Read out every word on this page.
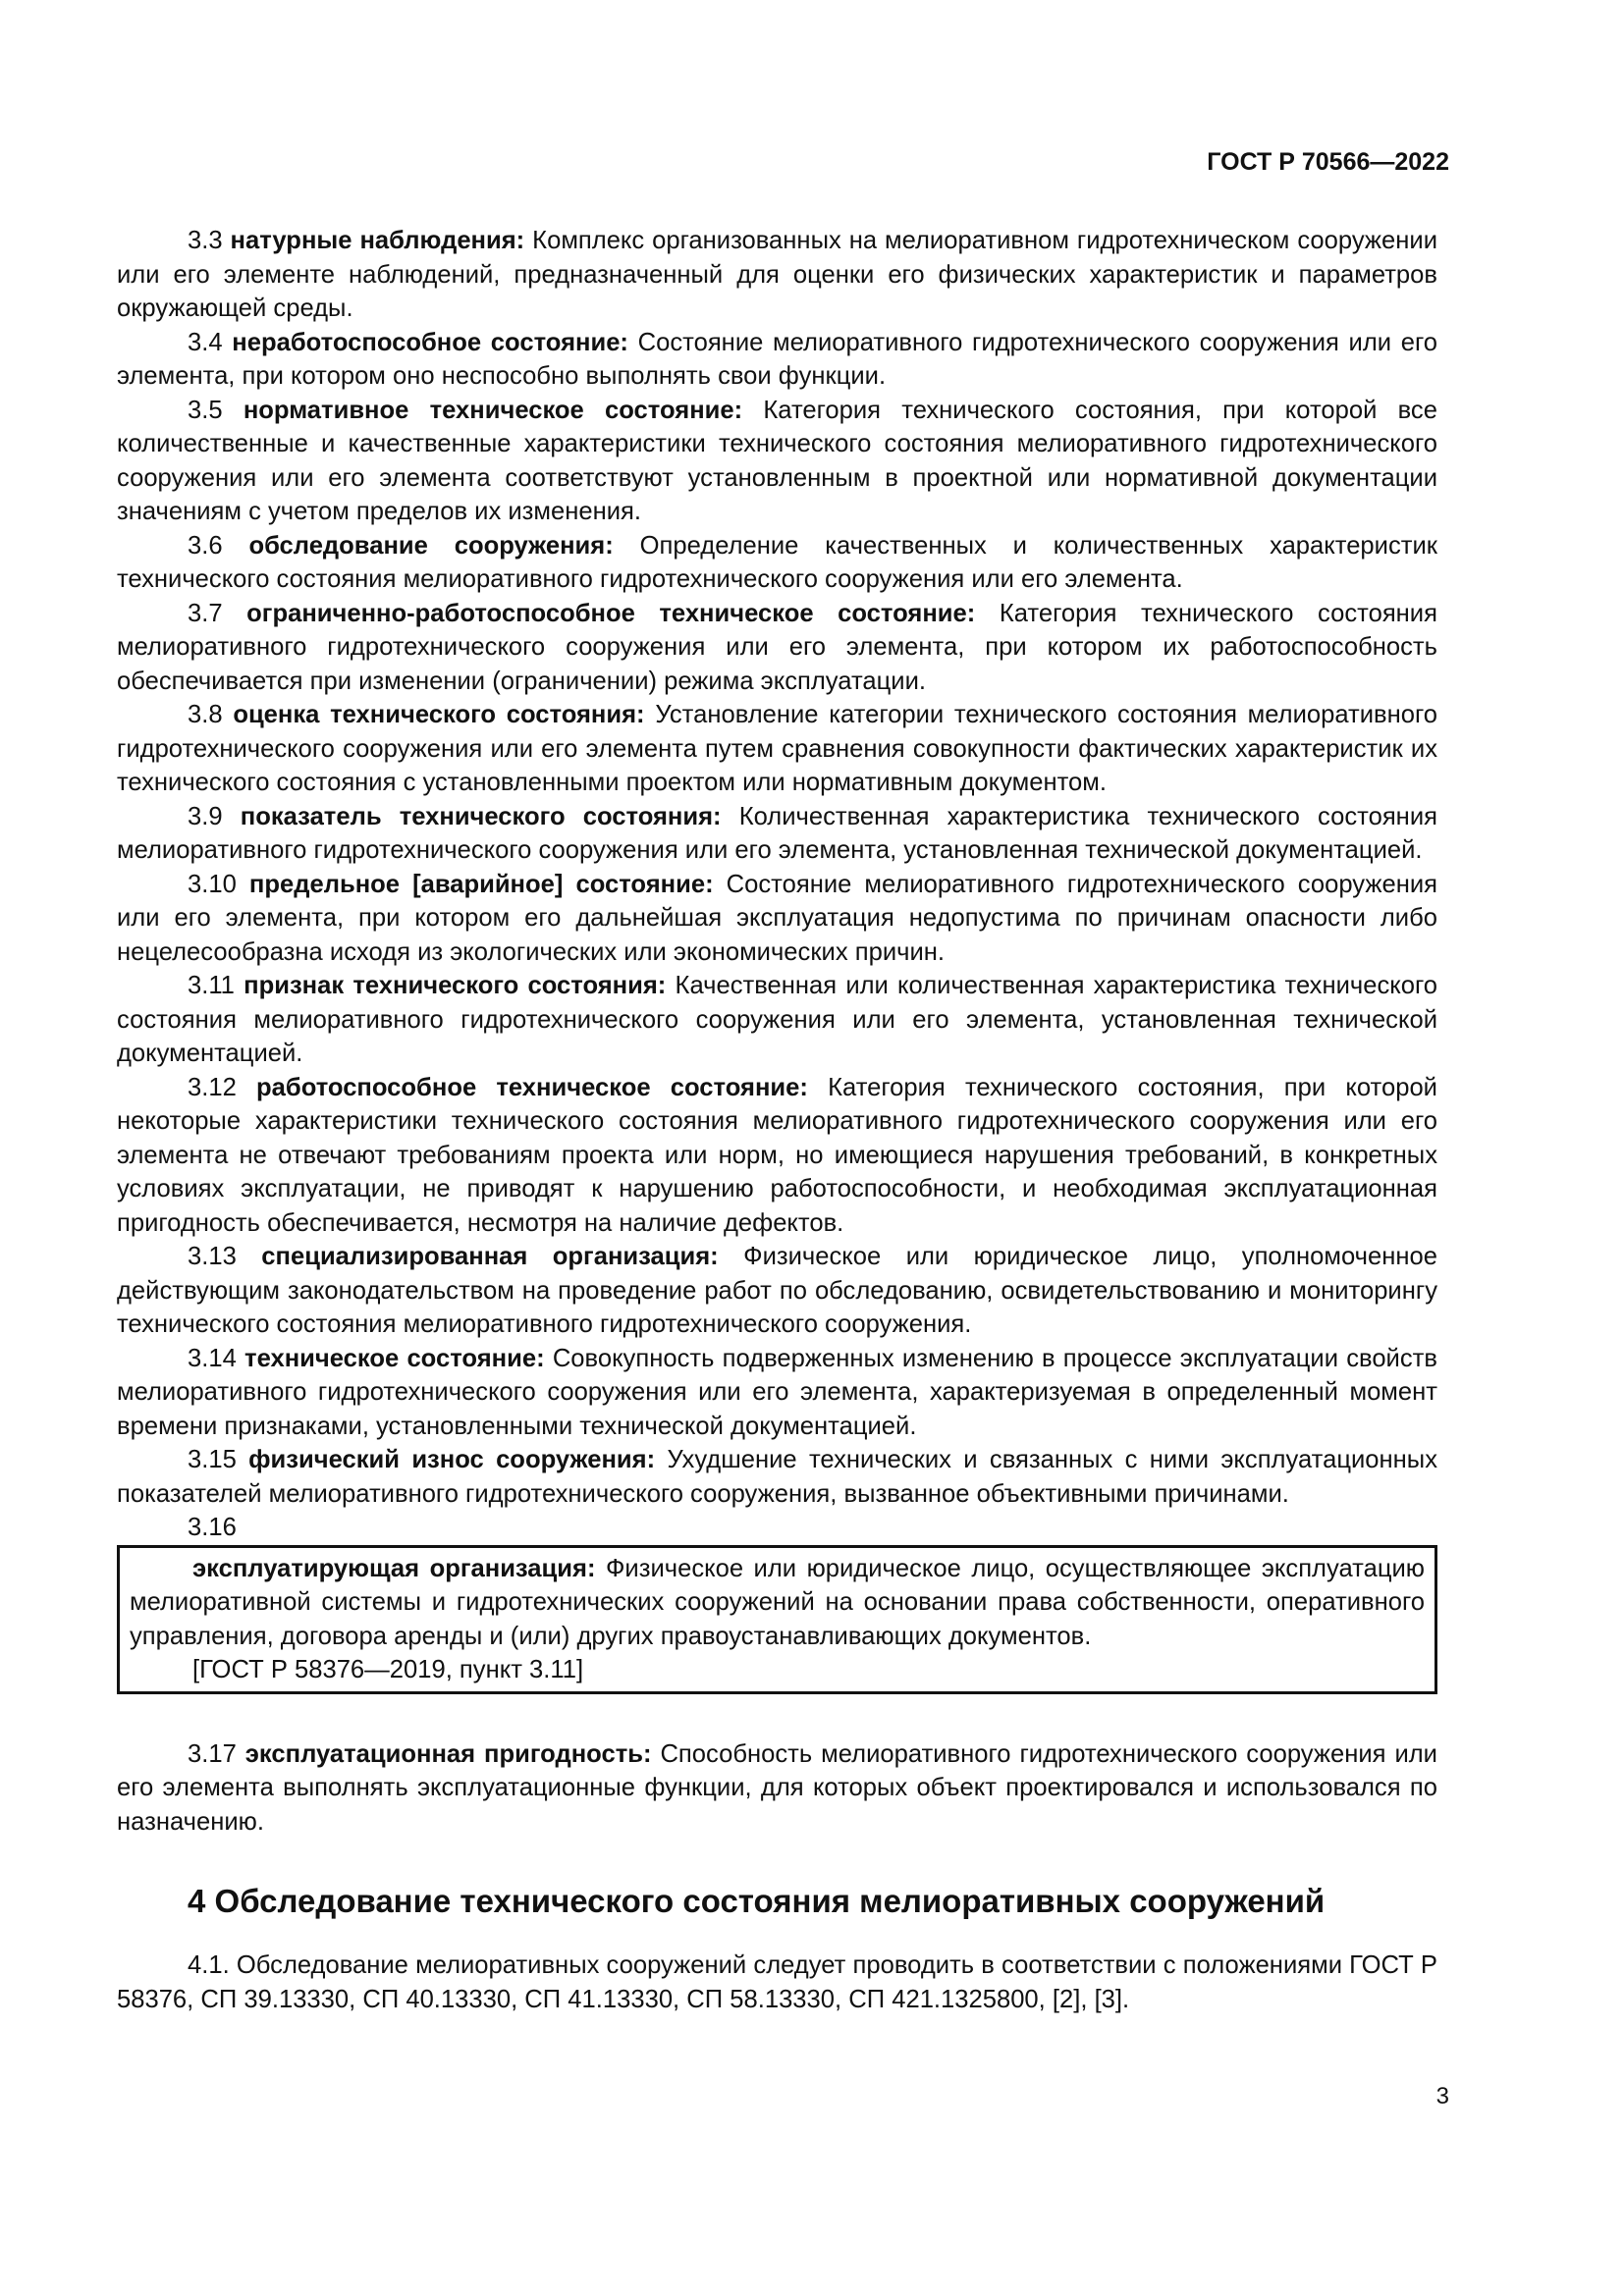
ГОСТ Р 70566—2022

3.3 натурные наблюдения: Комплекс организованных на мелиоративном гидротехническом сооружении или его элементе наблюдений, предназначенный для оценки его физических характеристик и параметров окружающей среды.

3.4 неработоспособное состояние: Состояние мелиоративного гидротехнического сооружения или его элемента, при котором оно неспособно выполнять свои функции.

3.5 нормативное техническое состояние: Категория технического состояния, при которой все количественные и качественные характеристики технического состояния мелиоративного гидротехнического сооружения или его элемента соответствуют установленным в проектной или нормативной документации значениям с учетом пределов их изменения.

3.6 обследование сооружения: Определение качественных и количественных характеристик технического состояния мелиоративного гидротехнического сооружения или его элемента.

3.7 ограниченно-работоспособное техническое состояние: Категория технического состояния мелиоративного гидротехнического сооружения или его элемента, при котором их работоспособность обеспечивается при изменении (ограничении) режима эксплуатации.

3.8 оценка технического состояния: Установление категории технического состояния мелиоративного гидротехнического сооружения или его элемента путем сравнения совокупности фактических характеристик их технического состояния с установленными проектом или нормативным документом.

3.9 показатель технического состояния: Количественная характеристика технического состояния мелиоративного гидротехнического сооружения или его элемента, установленная технической документацией.

3.10 предельное [аварийное] состояние: Состояние мелиоративного гидротехнического сооружения или его элемента, при котором его дальнейшая эксплуатация недопустима по причинам опасности либо нецелесообразна исходя из экологических или экономических причин.

3.11 признак технического состояния: Качественная или количественная характеристика технического состояния мелиоративного гидротехнического сооружения или его элемента, установленная технической документацией.

3.12 работоспособное техническое состояние: Категория технического состояния, при которой некоторые характеристики технического состояния мелиоративного гидротехнического сооружения или его элемента не отвечают требованиям проекта или норм, но имеющиеся нарушения требований, в конкретных условиях эксплуатации, не приводят к нарушению работоспособности, и необходимая эксплуатационная пригодность обеспечивается, несмотря на наличие дефектов.

3.13 специализированная организация: Физическое или юридическое лицо, уполномоченное действующим законодательством на проведение работ по обследованию, освидетельствованию и мониторингу технического состояния мелиоративного гидротехнического сооружения.

3.14 техническое состояние: Совокупность подверженных изменению в процессе эксплуатации свойств мелиоративного гидротехнического сооружения или его элемента, характеризуемая в определенный момент времени признаками, установленными технической документацией.

3.15 физический износ сооружения: Ухудшение технических и связанных с ними эксплуатационных показателей мелиоративного гидротехнического сооружения, вызванное объективными причинами.

3.16

эксплуатирующая организация: Физическое или юридическое лицо, осуществляющее эксплуатацию мелиоративной системы и гидротехнических сооружений на основании права собственности, оперативного управления, договора аренды и (или) других правоустанавливающих документов.

[ГОСТ Р 58376—2019, пункт 3.11]

3.17 эксплуатационная пригодность: Способность мелиоративного гидротехнического сооружения или его элемента выполнять эксплуатационные функции, для которых объект проектировался и использовался по назначению.

4 Обследование технического состояния мелиоративных сооружений

4.1. Обследование мелиоративных сооружений следует проводить в соответствии с положениями ГОСТ Р 58376, СП 39.13330, СП 40.13330, СП 41.13330, СП 58.13330, СП 421.1325800, [2], [3].

3
